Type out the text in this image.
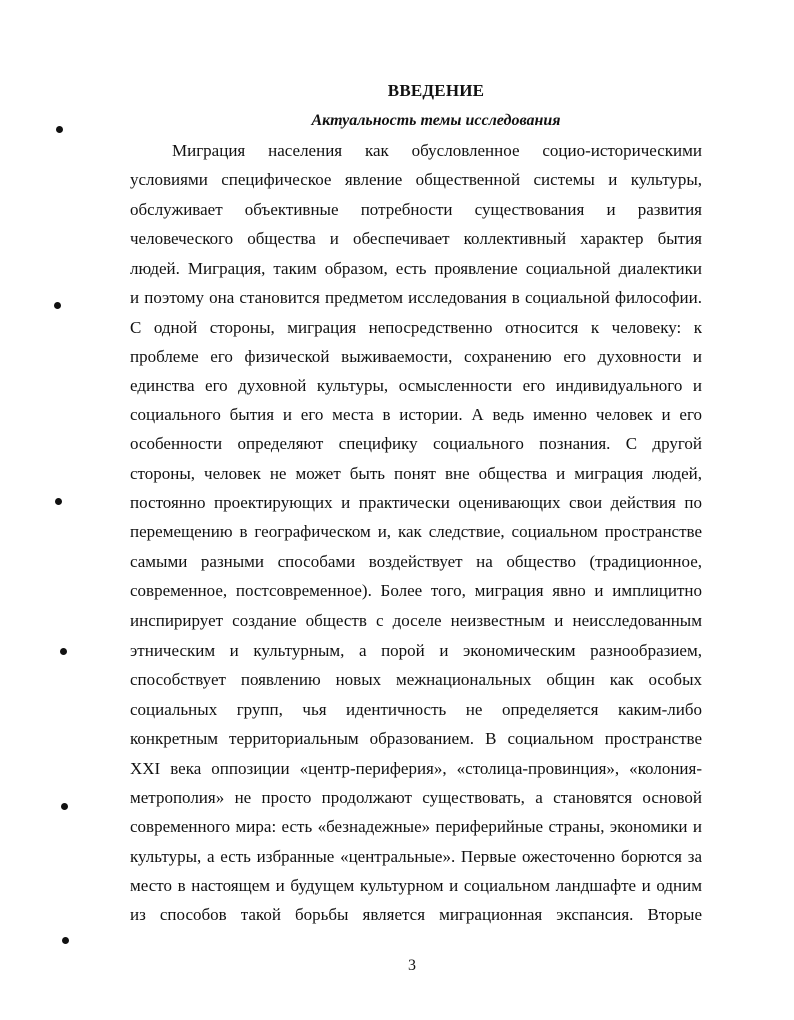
ВВЕДЕНИЕ
Актуальность темы исследования
Миграция населения как обусловленное социо-историческими
условиями специфическое явление общественной системы и культуры,
обслуживает объективные потребности существования и развития
человеческого общества и обеспечивает коллективный характер бытия
людей. Миграция, таким образом, есть проявление социальной диалектики
и поэтому она становится предметом исследования в социальной философии.
С одной стороны, миграция непосредственно относится к человеку: к
проблеме его физической выживаемости, сохранению его духовности и
единства его духовной культуры, осмысленности его индивидуального и
социального бытия и его места в истории. А ведь именно человек и его
особенности определяют специфику социального познания. С другой
стороны, человек не может быть понят вне общества и миграция людей,
постоянно проектирующих и практически оценивающих свои действия по
перемещению в географическом и, как следствие, социальном пространстве
самыми разными способами воздействует на общество (традиционное,
современное, постсовременное). Более того, миграция явно и имплицитно
инспирирует создание обществ с доселе неизвестным и неисследованным
этническим и культурным, а порой и экономическим разнообразием,
способствует появлению новых межнациональных общин как особых
социальных групп, чья идентичность не определяется каким-либо
конкретным территориальным образованием. В социальном пространстве
XXI века оппозиции «центр-периферия», «столица-провинция», «колония-
метрополия» не просто продолжают существовать, а становятся основой
современного мира: есть «безнадежные» периферийные страны, экономики и
культуры, а есть избранные «центральные». Первые ожесточенно борются за
место в настоящем и будущем культурном и социальном ландшафте и одним
из способов такой борьбы является миграционная экспансия. Вторые
3
